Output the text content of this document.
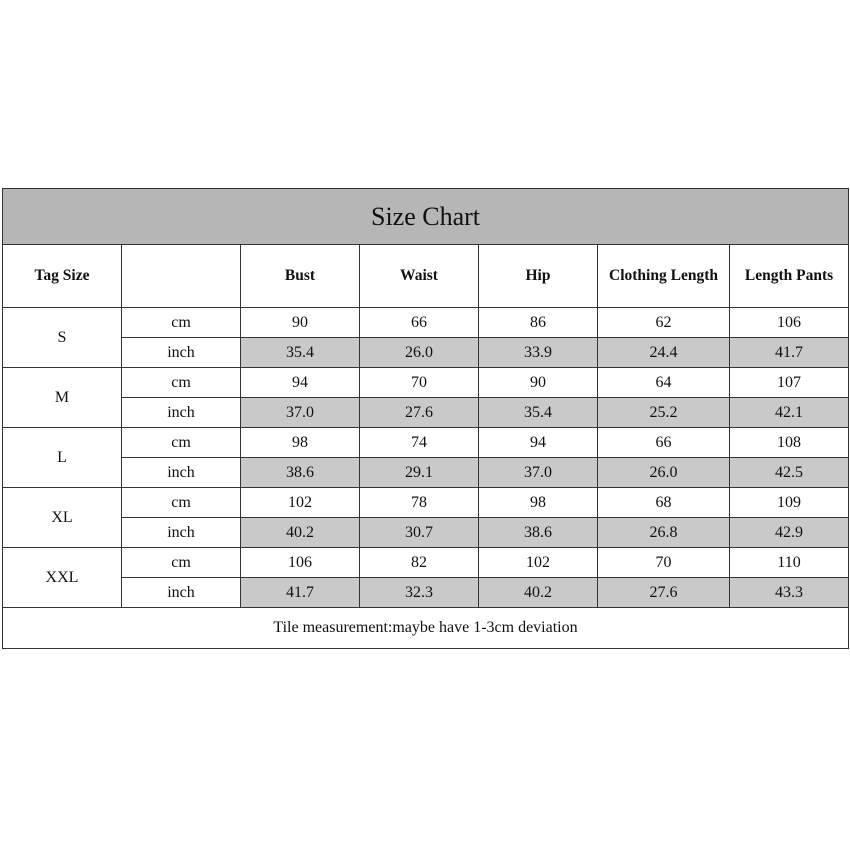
Size Chart						
Tag Size		Bust	Waist	Hip	Clothing Length	Length Pants
S	cm	90	66	86	62	106
	inch	35.4	26.0	33.9	24.4	41.7
M	cm	94	70	90	64	107
	inch	37.0	27.6	35.4	25.2	42.1
L	cm	98	74	94	66	108
	inch	38.6	29.1	37.0	26.0	42.5
XL	cm	102	78	98	68	109
	inch	40.2	30.7	38.6	26.8	42.9
XXL	cm	106	82	102	70	110
	inch	41.7	32.3	40.2	27.6	43.3
Tile measurement:maybe have 1-3cm deviation						
